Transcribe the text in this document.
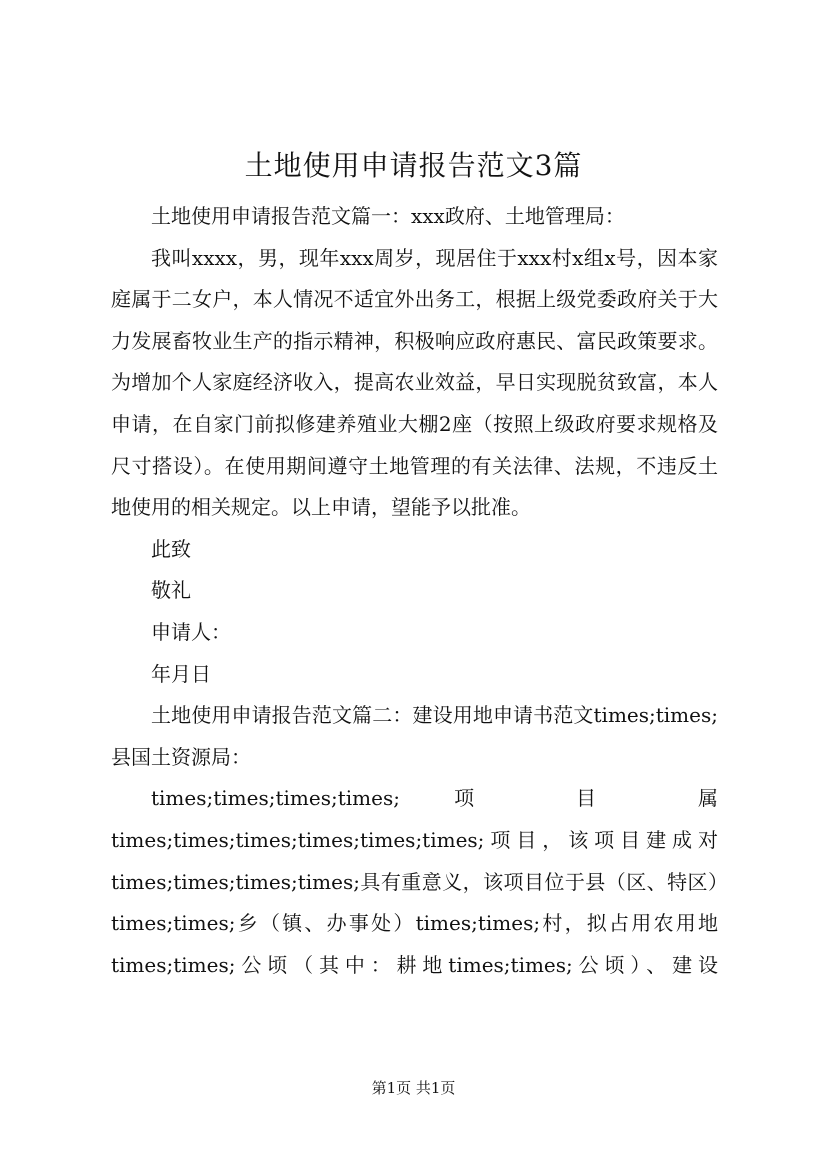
土地使用申请报告范文3篇

土地使用申请报告范文篇一：xxx政府、土地管理局：

我叫xxxx，男，现年xxx周岁，现居住于xxx村x组x号，因本家庭属于二女户，本人情况不适宜外出务工，根据上级党委政府关于大力发展畜牧业生产的指示精神，积极响应政府惠民、富民政策要求。为增加个人家庭经济收入，提高农业效益，早日实现脱贫致富，本人申请，在自家门前拟修建养殖业大棚2座（按照上级政府要求规格及尺寸搭设）。在使用期间遵守土地管理的有关法律、法规，不违反土地使用的相关规定。以上申请，望能予以批准。

此致

敬礼

申请人：

年月日

土地使用申请报告范文篇二：建设用地申请书范文times;times;县国土资源局：

times;times;times;times; 项 目 属times;times;times;times;times;times;项目，该项目建成对times;times;times;times;具有重意义，该项目位于县（区、特区）times;times;乡（镇、办事处）times;times;村，拟占用农用地times;times;公顷（其中：耕地times;times;公顷）、建设

第1页 共1页
